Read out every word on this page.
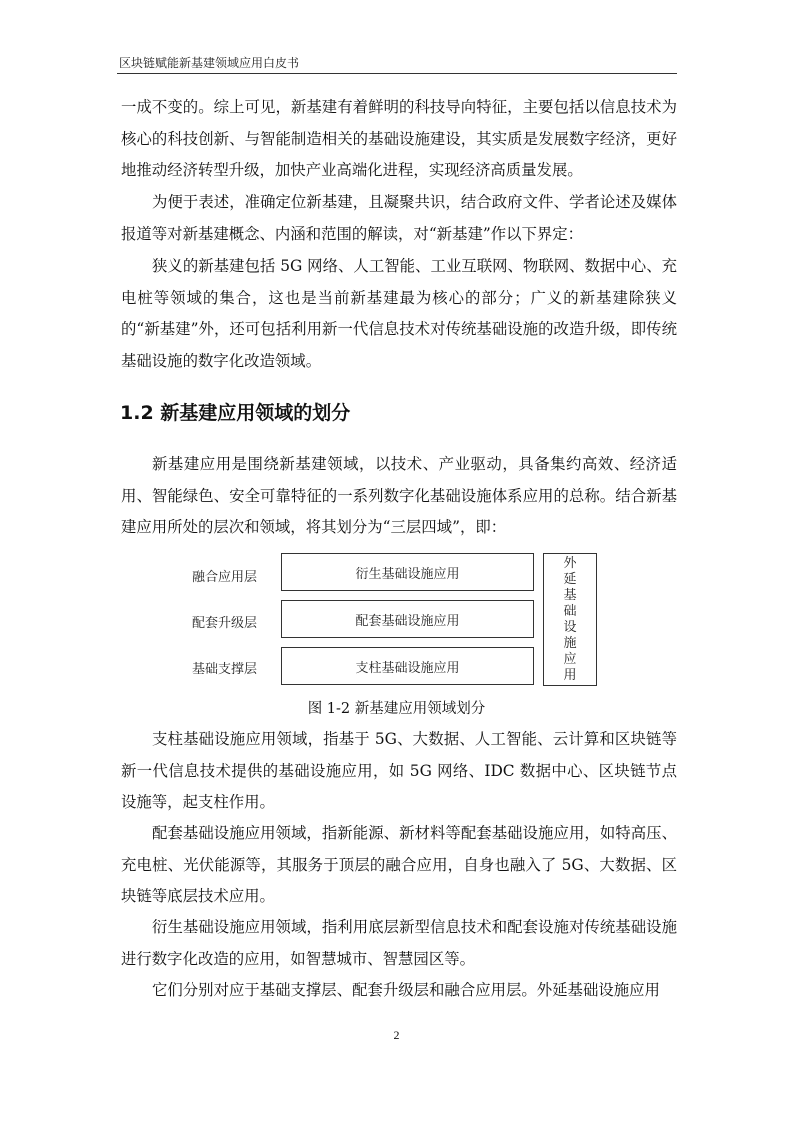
区块链赋能新基建领域应用白皮书

一成不变的。综上可见，新基建有着鲜明的科技导向特征，主要包括以信息技术为核心的科技创新、与智能制造相关的基础设施建设，其实质是发展数字经济，更好地推动经济转型升级，加快产业高端化进程，实现经济高质量发展。

为便于表述，准确定位新基建，且凝聚共识，结合政府文件、学者论述及媒体报道等对新基建概念、内涵和范围的解读，对“新基建”作以下界定：

狭义的新基建包括 5G 网络、人工智能、工业互联网、物联网、数据中心、充电桩等领域的集合，这也是当前新基建最为核心的部分；广义的新基建除狭义的“新基建”外，还可包括利用新一代信息技术对传统基础设施的改造升级，即传统基础设施的数字化改造领域。

1.2 新基建应用领域的划分

新基建应用是围绕新基建领域，以技术、产业驱动，具备集约高效、经济适用、智能绿色、安全可靠特征的一系列数字化基础设施体系应用的总称。结合新基建应用所处的层次和领域，将其划分为“三层四域”，即：

融合应用层
配套升级层
基础支撑层
衍生基础设施应用
配套基础设施应用
支柱基础设施应用
外延基础设施应用
图 1-2 新基建应用领域划分

支柱基础设施应用领域，指基于 5G、大数据、人工智能、云计算和区块链等新一代信息技术提供的基础设施应用，如 5G 网络、IDC 数据中心、区块链节点设施等，起支柱作用。

配套基础设施应用领域，指新能源、新材料等配套基础设施应用，如特高压、充电桩、光伏能源等，其服务于顶层的融合应用，自身也融入了 5G、大数据、区块链等底层技术应用。

衍生基础设施应用领域，指利用底层新型信息技术和配套设施对传统基础设施进行数字化改造的应用，如智慧城市、智慧园区等。

它们分别对应于基础支撑层、配套升级层和融合应用层。外延基础设施应用

2
